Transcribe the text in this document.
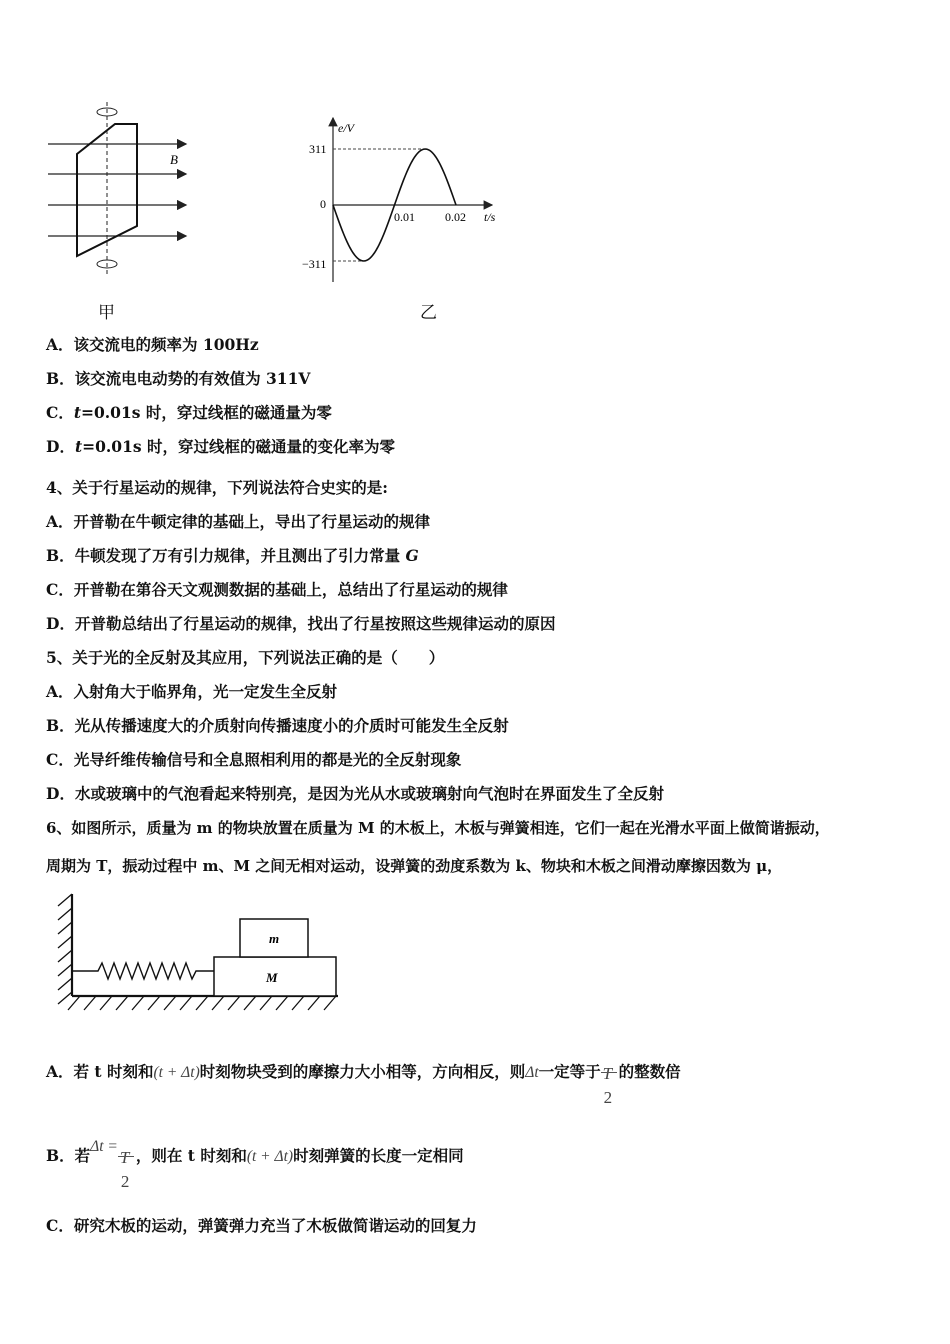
B
甲
e/V
t/s
311
0
−311
0.01	0.02
乙
A．该交流电的频率为 100Hz
B．该交流电电动势的有效值为 311V
C．t=0.01s 时，穿过线框的磁通量为零
D．t=0.01s 时，穿过线框的磁通量的变化率为零
4、关于行星运动的规律，下列说法符合史实的是:
A．开普勒在牛顿定律的基础上，导出了行星运动的规律
B．牛顿发现了万有引力规律，并且测出了引力常量 G
C．开普勒在第谷天文观测数据的基础上，总结出了行星运动的规律
D．开普勒总结出了行星运动的规律，找出了行星按照这些规律运动的原因
5、关于光的全反射及其应用，下列说法正确的是（　　）
A．入射角大于临界角，光一定发生全反射
B．光从传播速度大的介质射向传播速度小的介质时可能发生全反射
C．光导纤维传输信号和全息照相利用的都是光的全反射现象
D．水或玻璃中的气泡看起来特别亮，是因为光从水或玻璃射向气泡时在界面发生了全反射
6、如图所示，质量为 m 的物块放置在质量为 M 的木板上，木板与弹簧相连，它们一起在光滑水平面上做简谐振动，
周期为 T，振动过程中 m、M 之间无相对运动，设弹簧的劲度系数为 k、物块和木板之间滑动摩擦因数为 μ，
M
m
A．若 t 时刻和(t + Δt)时刻物块受到的摩擦力大小相等，方向相反，则Δt一定等于 T
2
的整数倍
B．若Δt =
T
2
，则在 t 时刻和(t + Δt)时刻弹簧的长度一定相同
C．研究木板的运动，弹簧弹力充当了木板做简谐运动的回复力
